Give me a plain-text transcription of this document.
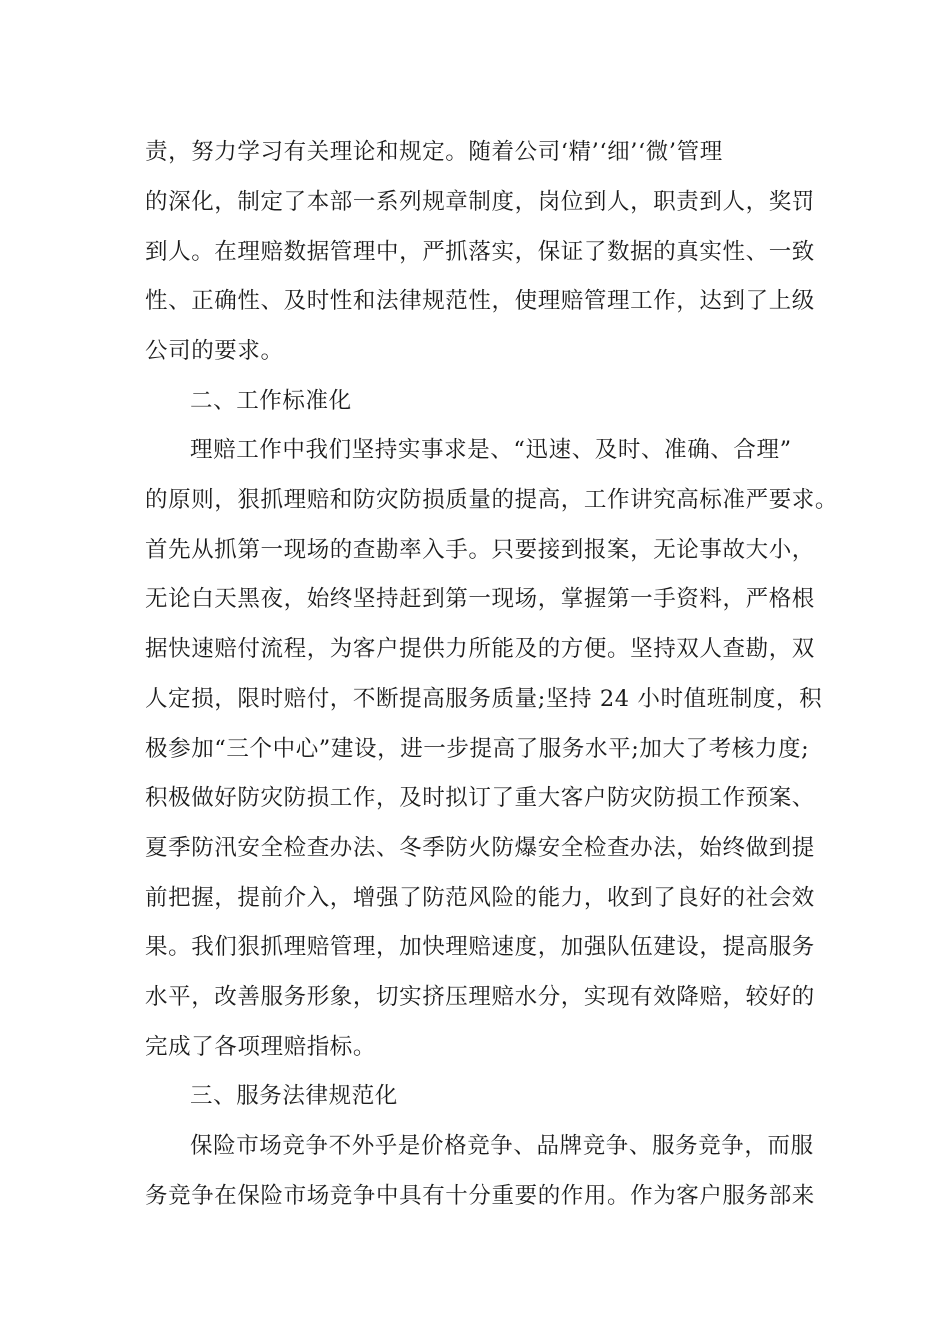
责，努力学习有关理论和规定。随着公司‘精’‘细’‘微’管理
的深化，制定了本部一系列规章制度，岗位到人，职责到人，奖罚
到人。在理赔数据管理中，严抓落实，保证了数据的真实性、一致
性、正确性、及时性和法律规范性，使理赔管理工作，达到了上级
公司的要求。
二、工作标准化
理赔工作中我们坚持实事求是、“迅速、及时、准确、合理”
的原则，狠抓理赔和防灾防损质量的提高，工作讲究高标准严要求。
首先从抓第一现场的查勘率入手。只要接到报案，无论事故大小，
无论白天黑夜，始终坚持赶到第一现场，掌握第一手资料，严格根
据快速赔付流程，为客户提供力所能及的方便。坚持双人查勘，双
人定损，限时赔付，不断提高服务质量;坚持 24 小时值班制度，积
极参加“三个中心”建设，进一步提高了服务水平;加大了考核力度;
积极做好防灾防损工作，及时拟订了重大客户防灾防损工作预案、
夏季防汛安全检查办法、冬季防火防爆安全检查办法，始终做到提
前把握，提前介入，增强了防范风险的能力，收到了良好的社会效
果。我们狠抓理赔管理，加快理赔速度，加强队伍建设，提高服务
水平，改善服务形象，切实挤压理赔水分，实现有效降赔，较好的
完成了各项理赔指标。
三、服务法律规范化
保险市场竞争不外乎是价格竞争、品牌竞争、服务竞争，而服
务竞争在保险市场竞争中具有十分重要的作用。作为客户服务部来
